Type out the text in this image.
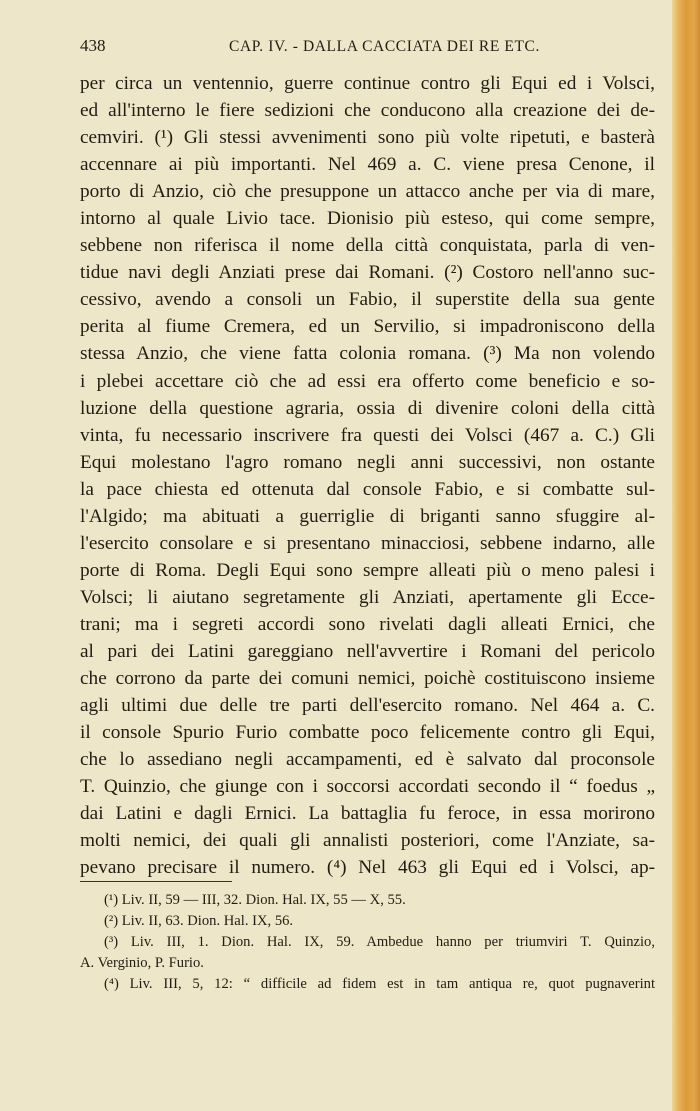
438	CAP. IV. - DALLA CACCIATA DEI RE ETC.
per circa un ventennio, guerre continue contro gli Equi ed i Volsci,
ed all'interno le fiere sedizioni che conducono alla creazione dei de-
cemviri. (¹) Gli stessi avvenimenti sono più volte ripetuti, e basterà
accennare ai più importanti. Nel 469 a. C. viene presa Cenone, il
porto di Anzio, ciò che presuppone un attacco anche per via di mare,
intorno al quale Livio tace. Dionisio più esteso, qui come sempre,
sebbene non riferisca il nome della città conquistata, parla di ven-
tidue navi degli Anziati prese dai Romani. (²) Costoro nell'anno suc-
cessivo, avendo a consoli un Fabio, il superstite della sua gente
perita al fiume Cremera, ed un Servilio, si impadroniscono della
stessa Anzio, che viene fatta colonia romana. (³) Ma non volendo
i plebei accettare ciò che ad essi era offerto come beneficio e so-
luzione della questione agraria, ossia di divenire coloni della città
vinta, fu necessario inscrivere fra questi dei Volsci (467 a. C.) Gli
Equi molestano l'agro romano negli anni successivi, non ostante
la pace chiesta ed ottenuta dal console Fabio, e si combatte sul-
l'Algido; ma abituati a guerriglie di briganti sanno sfuggire al-
l'esercito consolare e si presentano minacciosi, sebbene indarno, alle
porte di Roma. Degli Equi sono sempre alleati più o meno palesi i
Volsci; li aiutano segretamente gli Anziati, apertamente gli Ecce-
trani; ma i segreti accordi sono rivelati dagli alleati Ernici, che
al pari dei Latini gareggiano nell'avvertire i Romani del pericolo
che corrono da parte dei comuni nemici, poichè costituiscono insieme
agli ultimi due delle tre parti dell'esercito romano. Nel 464 a. C.
il console Spurio Furio combatte poco felicemente contro gli Equi,
che lo assediano negli accampamenti, ed è salvato dal proconsole
T. Quinzio, che giunge con i soccorsi accordati secondo il “ foedus „
dai Latini e dagli Ernici. La battaglia fu feroce, in essa morirono
molti nemici, dei quali gli annalisti posteriori, come l'Anziate, sa-
pevano precisare il numero. (⁴) Nel 463 gli Equi ed i Volsci, ap-
(¹) Liv. II, 59 — III, 32. Dion. Hal. IX, 55 — X, 55.
(²) Liv. II, 63. Dion. Hal. IX, 56.
(³) Liv. III, 1. Dion. Hal. IX, 59. Ambedue hanno per triumviri T. Quinzio,
A. Verginio, P. Furio.
(⁴) Liv. III, 5, 12: “ difficile ad fidem est in tam antiqua re, quot pugnaverint
